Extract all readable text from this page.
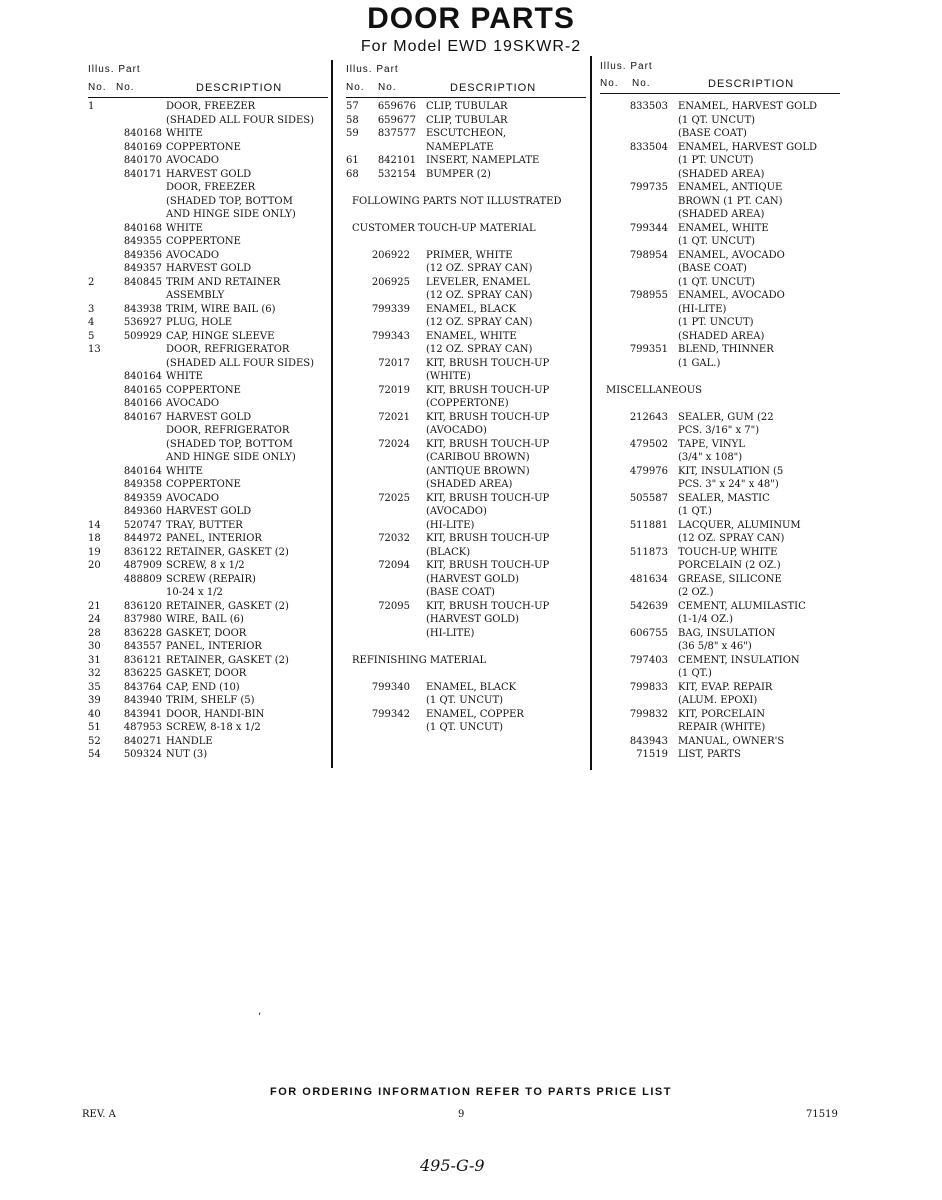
DOOR PARTS
For Model EWD 19SKWR-2
Illus. Part
No. No.	DESCRIPTION
1	DOOR, FREEZER
(SHADED ALL FOUR SIDES)
840168 WHITE
840169 COPPERTONE
840170 AVOCADO
840171 HARVEST GOLD
DOOR, FREEZER
(SHADED TOP, BOTTOM
AND HINGE SIDE ONLY)
840168 WHITE
849355 COPPERTONE
849356 AVOCADO
849357 HARVEST GOLD
2	840845 TRIM AND RETAINER
ASSEMBLY
3	843938 TRIM, WIRE BAIL (6)
4	536927 PLUG, HOLE
5	509929 CAP, HINGE SLEEVE
13	DOOR, REFRIGERATOR
(SHADED ALL FOUR SIDES)
840164 WHITE
840165 COPPERTONE
840166 AVOCADO
840167 HARVEST GOLD
DOOR, REFRIGERATOR
(SHADED TOP, BOTTOM
AND HINGE SIDE ONLY)
840164 WHITE
849358 COPPERTONE
849359 AVOCADO
849360 HARVEST GOLD
14	520747 TRAY, BUTTER
18	844972 PANEL, INTERIOR
19	836122 RETAINER, GASKET (2)
20	487909 SCREW, 8 x 1/2
488809 SCREW (REPAIR)
10-24 x 1/2
21	836120 RETAINER, GASKET (2)
24	837980 WIRE, BAIL (6)
28	836228 GASKET, DOOR
30	843557 PANEL, INTERIOR
31	836121 RETAINER, GASKET (2)
32	836225 GASKET, DOOR
35	843764 CAP, END (10)
39	843940 TRIM, SHELF (5)
40	843941 DOOR, HANDI-BIN
51	487953 SCREW, 8-18 x 1/2
52	840271 HANDLE
54	509324 NUT (3)
Illus. Part
No. No.	DESCRIPTION
57	659676 CLIP, TUBULAR
58	659677 CLIP, TUBULAR
59	837577 ESCUTCHEON,
NAMEPLATE
61	842101 INSERT, NAMEPLATE
68	532154 BUMPER (2)
FOLLOWING PARTS NOT ILLUSTRATED
CUSTOMER TOUCH-UP MATERIAL
206922 PRIMER, WHITE
(12 OZ. SPRAY CAN)
206925 LEVELER, ENAMEL
(12 OZ. SPRAY CAN)
799339 ENAMEL, BLACK
(12 OZ. SPRAY CAN)
799343 ENAMEL, WHITE
(12 OZ. SPRAY CAN)
72017 KIT, BRUSH TOUCH-UP
(WHITE)
72019 KIT, BRUSH TOUCH-UP
(COPPERTONE)
72021 KIT, BRUSH TOUCH-UP
(AVOCADO)
72024 KIT, BRUSH TOUCH-UP
(CARIBOU BROWN)
(ANTIQUE BROWN)
(SHADED AREA)
72025 KIT, BRUSH TOUCH-UP
(AVOCADO)
(HI-LITE)
72032 KIT, BRUSH TOUCH-UP
(BLACK)
72094 KIT, BRUSH TOUCH-UP
(HARVEST GOLD)
(BASE COAT)
72095 KIT, BRUSH TOUCH-UP
(HARVEST GOLD)
(HI-LITE)
REFINISHING MATERIAL
799340 ENAMEL, BLACK
(1 QT. UNCUT)
799342 ENAMEL, COPPER
(1 QT. UNCUT)
Illus. Part
No. No.	DESCRIPTION
833503 ENAMEL, HARVEST GOLD
(1 QT. UNCUT)
(BASE COAT)
833504 ENAMEL, HARVEST GOLD
(1 PT. UNCUT)
(SHADED AREA)
799735 ENAMEL, ANTIQUE
BROWN (1 PT. CAN)
(SHADED AREA)
799344 ENAMEL, WHITE
(1 QT. UNCUT)
798954 ENAMEL, AVOCADO
(BASE COAT)
(1 QT. UNCUT)
798955 ENAMEL, AVOCADO
(HI-LITE)
(1 PT. UNCUT)
(SHADED AREA)
799351 BLEND, THINNER
(1 GAL.)
MISCELLANEOUS
212643 SEALER, GUM (22
PCS. 3/16" x 7")
479502 TAPE, VINYL
(3/4" x 108")
479976 KIT, INSULATION (5
PCS. 3" x 24" x 48")
505587 SEALER, MASTIC
(1 QT.)
511881 LACQUER, ALUMINUM
(12 OZ. SPRAY CAN)
511873 TOUCH-UP, WHITE
PORCELAIN (2 OZ.)
481634 GREASE, SILICONE
(2 OZ.)
542639 CEMENT, ALUMILASTIC
(1-1/4 OZ.)
606755 BAG, INSULATION
(36 5/8" x 46")
797403 CEMENT, INSULATION
(1 QT.)
799833 KIT, EVAP. REPAIR
(ALUM. EPOXI)
799832 KIT, PORCELAIN
REPAIR (WHITE)
843943 MANUAL, OWNER'S
71519 LIST, PARTS
‚
FOR ORDERING INFORMATION REFER TO PARTS PRICE LIST
REV. A	9	71519
495-G-9
